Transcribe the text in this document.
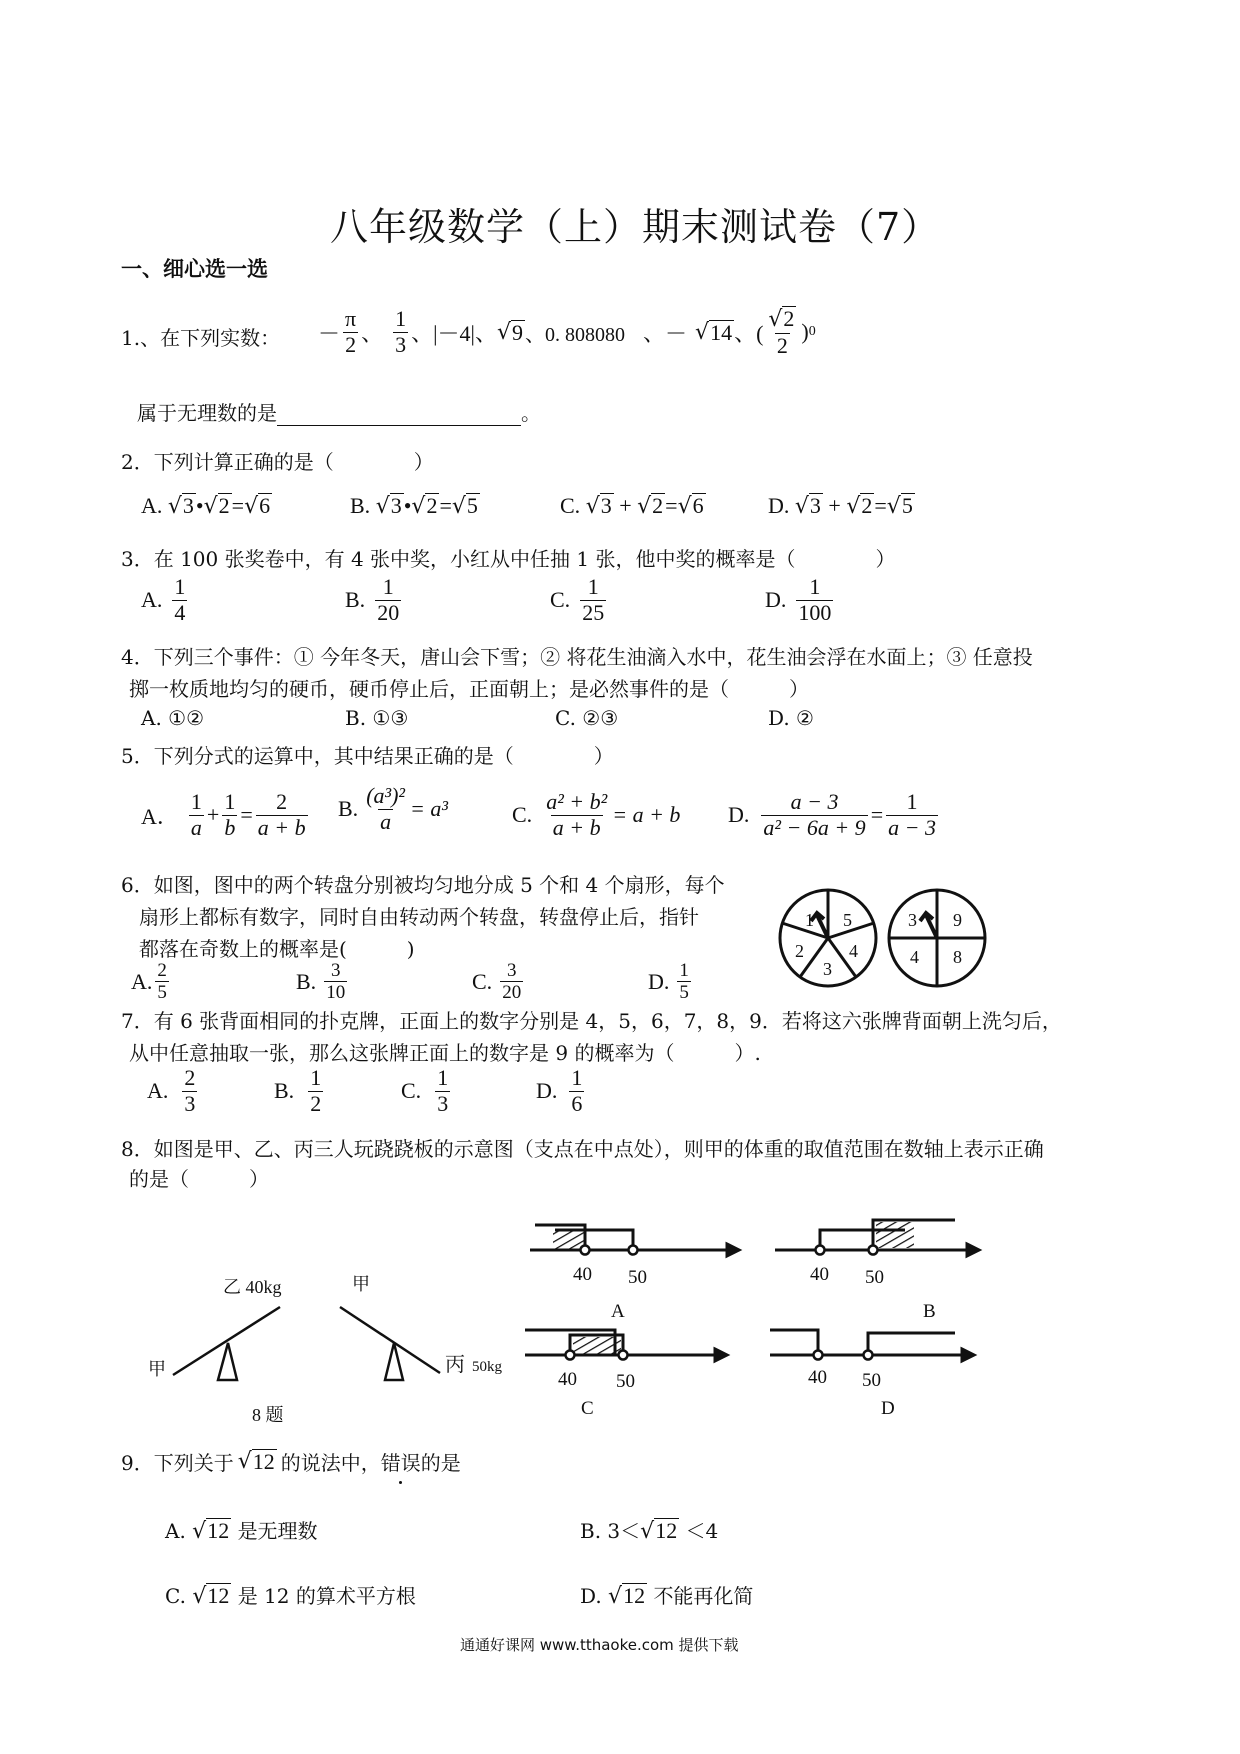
八年级数学（上）期末测试卷（7）
一、细心选一选
1.、在下列实数： － $\frac{\pi}{2}$ 、 $\frac{1}{3}$ 、 |－4| 、 √ 9 、0. 808080 、－ √ 14 、( $\frac{√2}{2}$ ) 0
属于无理数的是	。
2．下列计算正确的是（　　　　）
A. √3•√2=√6	B. √3•√2=√5	C. √3 + √2=√6	D. √3 + √2=√5
3．在 100 张奖卷中，有 4 张中奖，小红从中任抽 1 张，他中奖的概率是（　　　　）
A. $\frac{1}{4}$	B. $\frac{1}{20}$	C. $\frac{1}{25}$	D. $\frac{1}{100}$
4．下列三个事件：① 今年冬天，唐山会下雪；② 将花生油滴入水中，花生油会浮在水面上；③ 任意投
掷一枚质地均匀的硬币，硬币停止后，正面朝上；是必然事件的是（　　　）
A. ①②	B. ①③	C. ②③	D. ②
5．下列分式的运算中，其中结果正确的是（　　　　）
A． $\frac{1}{a} + \frac{1}{b} = \frac{2}{a + b} B$. $\frac{\text{(a³)²}}{a} = a^3$	C. $\frac{\text{a² + b²}}{a + b} = a + b$ D. $\frac{a - 3}{\text{a² − 6a + 9}} = \frac{1}{a - 3}$
6．如图，图中的两个转盘分别被均匀地分成 5 个和 4 个扇形，每个
扇形上都标有数字，同时自由转动两个转盘，转盘停止后，指针
都落在奇数上的概率是(　　　)
A. $\frac{2}{5}$	B. $\frac{3}{10}$	C. $\frac{3}{20}$	D. $\frac{1}{5}$
1 5
4
3
2
3 9
8
4
7．有 6 张背面相同的扑克牌，正面上的数字分别是 4，5，6，7，8，9．若将这六张牌背面朝上洗匀后，
从中任意抽取一张，那么这张牌正面上的数字是 9 的概率为（　　　）.
A. $\frac{2}{3}$	B. $\frac{1}{2}$	C. $\frac{1}{3}$	D. $\frac{1}{6}$
8．如图是甲、乙、丙三人玩跷跷板的示意图（支点在中点处），则甲的体重的取值范围在数轴上表示正确
的是（　　　）
乙 40kg
甲
甲
丙 50kg
8 题
40 50
A
40 50
B
40 50
C
40 50
D
9．下列关于 √ 12 的说法中， 错误 的是
A. √12 是无理数	B. 3＜√12 ＜4
C. √12 是 12 的算术平方根	D. √12 不能再化简
通通好课网 www.tthaoke.com 提供下载
